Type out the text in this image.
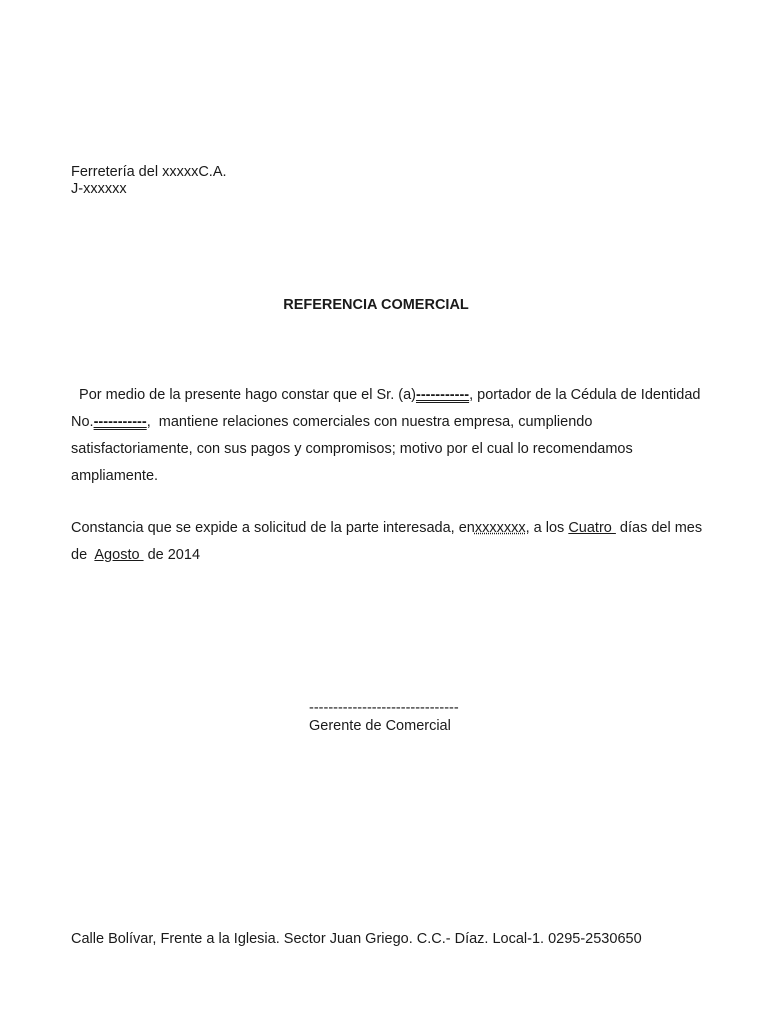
Ferretería del xxxxxC.A.
J-xxxxxx
REFERENCIA COMERCIAL
Por medio de la presente hago constar que el Sr. (a)-----------, portador de la Cédula de Identidad No.-----------,  mantiene relaciones comerciales con nuestra empresa, cumpliendo satisfactoriamente, con sus pagos y compromisos; motivo por el cual lo recomendamos ampliamente.
Constancia que se expide a solicitud de la parte interesada, enxxxxxxx, a los Cuatro  días del mes de  Agosto  de 2014
-------------------------------
Gerente de Comercial
Calle Bolívar, Frente a la Iglesia. Sector Juan Griego. C.C.- Díaz. Local-1. 0295-2530650
